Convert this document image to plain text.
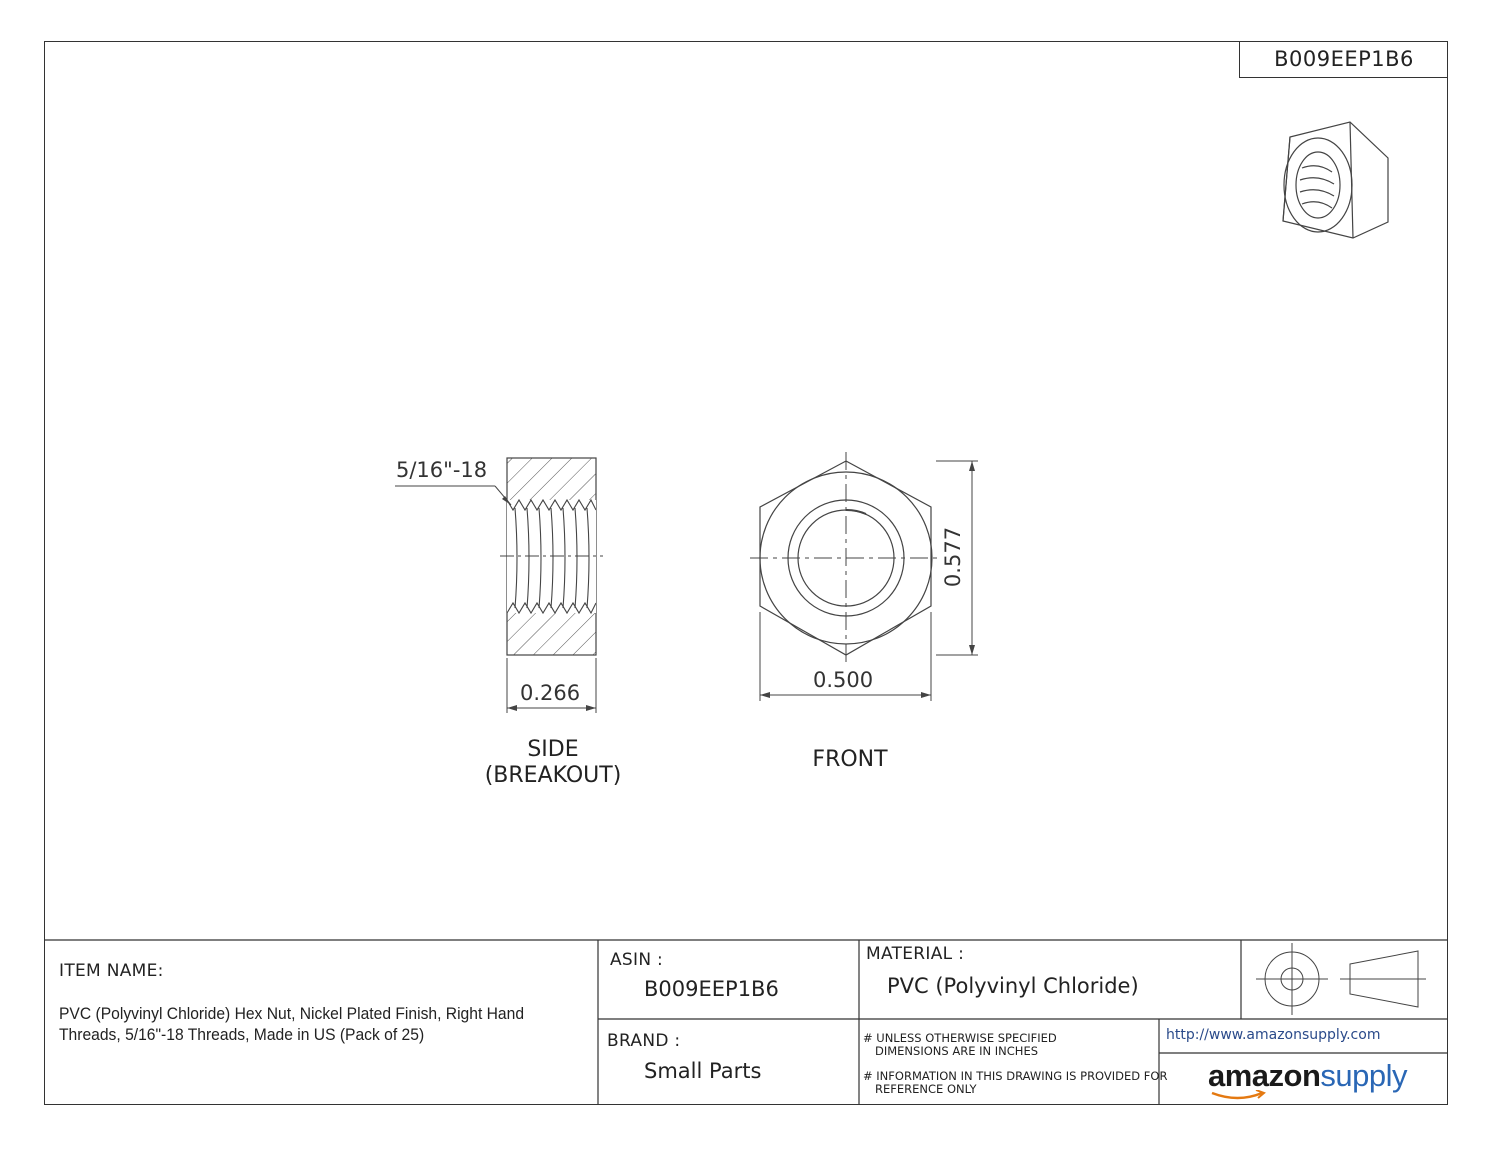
B009EEP1B6
5/16"-18
0.266
0.500
0.577
SIDE
(BREAKOUT)
FRONT
ITEM NAME:
PVC (Polyvinyl Chloride) Hex Nut, Nickel Plated Finish, Right Hand Threads, 5/16"-18 Threads, Made in US (Pack of 25)
ASIN :
B009EEP1B6
MATERIAL :
PVC (Polyvinyl Chloride)
BRAND :
Small Parts
# UNLESS OTHERWISE SPECIFIED
DIMENSIONS ARE IN INCHES
# INFORMATION IN THIS DRAWING IS PROVIDED FOR
REFERENCE ONLY
http://www.amazonsupply.com
amazonsupply
